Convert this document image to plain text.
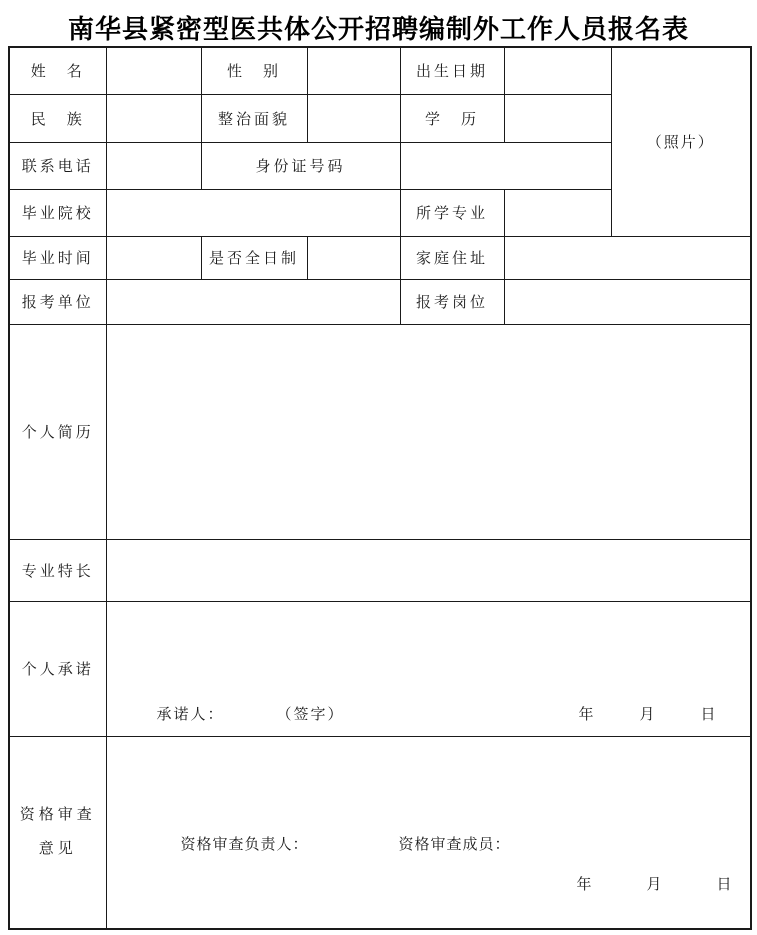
南华县紧密型医共体公开招聘编制外工作人员报名表
姓　名		性　别		出生日期		（照片）
民　族		整治面貌		学　历		
联系电话		身份证号码				
毕业院校				所学专业		
毕业时间		是否全日制		家庭住址		
报考单位				报考岗位		
个人简历						
专业特长						
个人承诺	承诺人： （签字） 年 月 日					

资格审查
意见	资格审查负责人：	资格审查成员：
年	月	日
